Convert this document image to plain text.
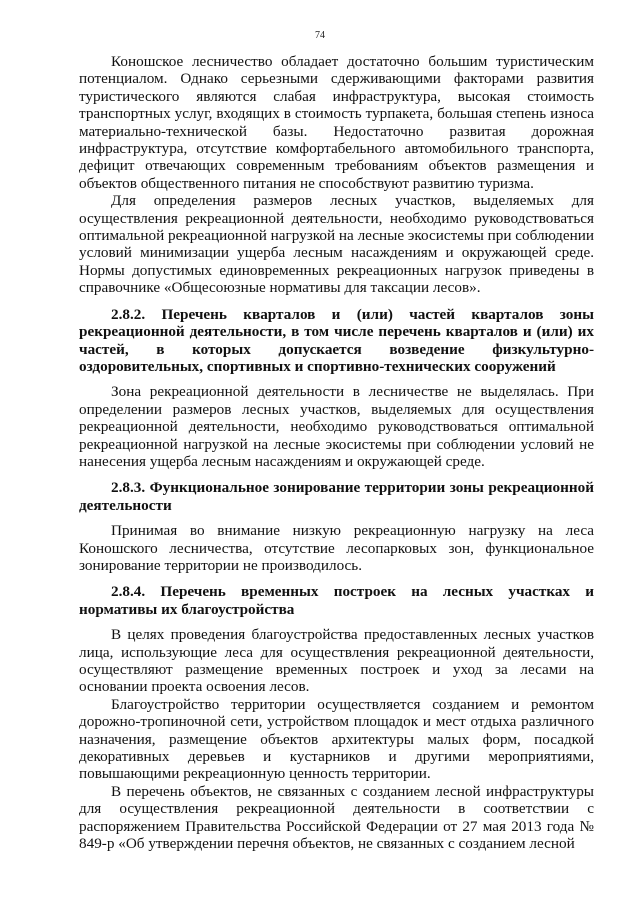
74

Коношское лесничество обладает достаточно большим туристическим потенциалом. Однако серьезными сдерживающими факторами развития туристического являются слабая инфраструктура, высокая стоимость транспортных услуг, входящих в стоимость турпакета, большая степень износа материально-технической базы. Недостаточно развитая дорожная инфраструктура, отсутствие комфортабельного автомобильного транспорта, дефицит отвечающих современным требованиям объектов размещения и объектов общественного питания не способствуют развитию туризма.

Для определения размеров лесных участков, выделяемых для осуществления рекреационной деятельности, необходимо руководствоваться оптимальной рекреационной нагрузкой на лесные экосистемы при соблюдении условий минимизации ущерба лесным насаждениям и окружающей среде. Нормы допустимых единовременных рекреационных нагрузок приведены в справочнике «Общесоюзные нормативы для таксации лесов».

2.8.2. Перечень кварталов и (или) частей кварталов зоны рекреационной деятельности, в том числе перечень кварталов и (или) их частей, в которых допускается возведение физкультурно-оздоровительных, спортивных и спортивно-технических сооружений

Зона рекреационной деятельности в лесничестве не выделялась. При определении размеров лесных участков, выделяемых для осуществления рекреационной деятельности, необходимо руководствоваться оптимальной рекреационной нагрузкой на лесные экосистемы при соблюдении условий не нанесения ущерба лесным насаждениям и окружающей среде.

2.8.3. Функциональное зонирование территории зоны рекреационной деятельности

Принимая во внимание низкую рекреационную нагрузку на леса Коношского лесничества, отсутствие лесопарковых зон, функциональное зонирование территории не производилось.

2.8.4. Перечень временных построек на лесных участках и нормативы их благоустройства

В целях проведения благоустройства предоставленных лесных участков лица, использующие леса для осуществления рекреационной деятельности, осуществляют размещение временных построек и уход за лесами на основании проекта освоения лесов.

Благоустройство территории осуществляется созданием и ремонтом дорожно-тропиночной сети, устройством площадок и мест отдыха различного назначения, размещение объектов архитектуры малых форм, посадкой декоративных деревьев и кустарников и другими мероприятиями, повышающими рекреационную ценность территории.

В перечень объектов, не связанных с созданием лесной инфраструктуры для осуществления рекреационной деятельности в соответствии с распоряжением Правительства Российской Федерации от 27 мая 2013 года № 849-р «Об утверждении перечня объектов, не связанных с созданием лесной
